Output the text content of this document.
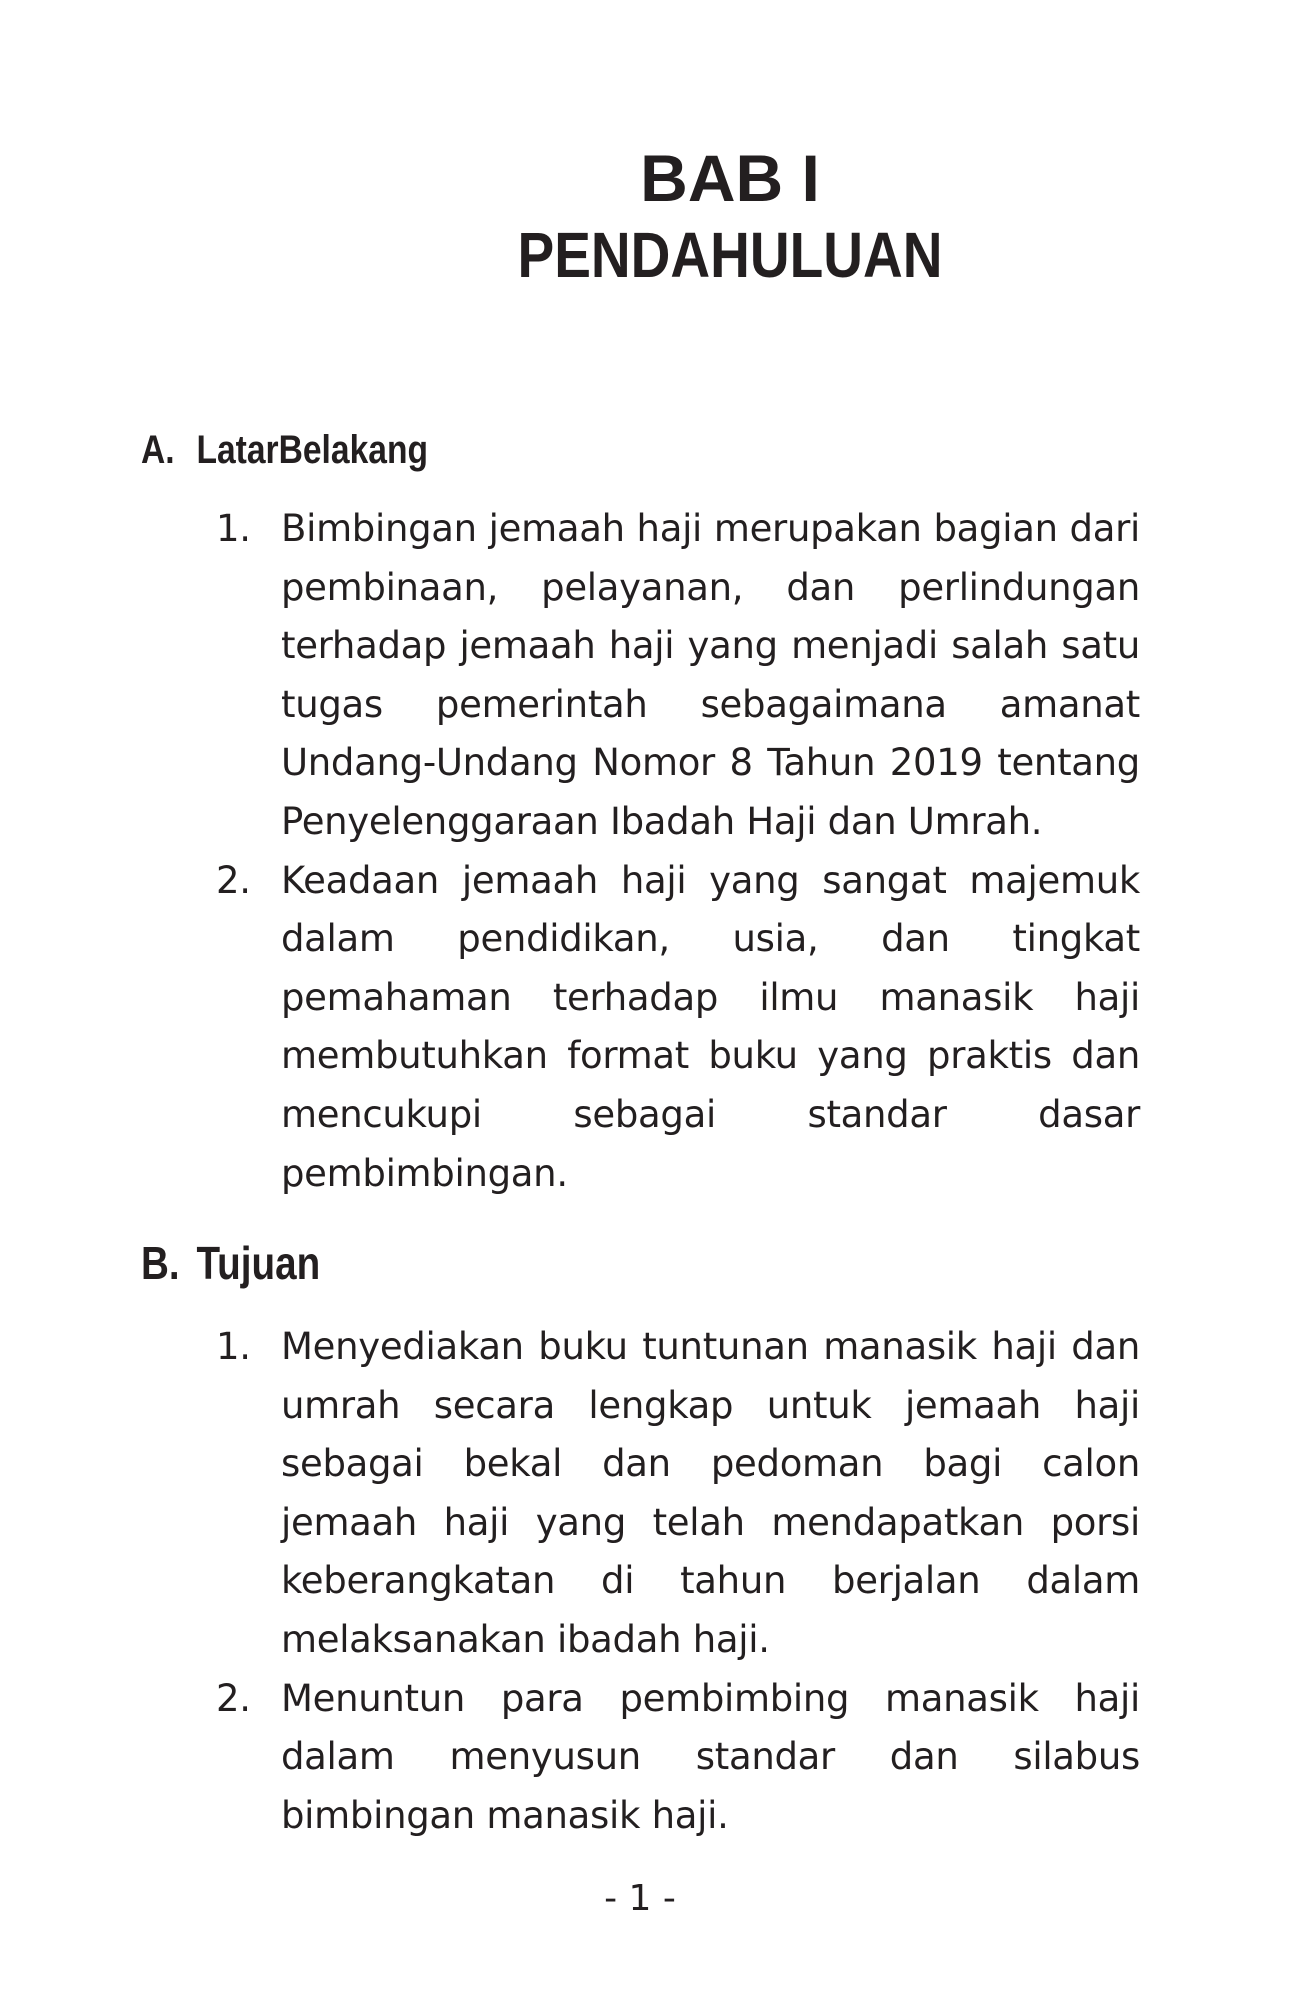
BAB I
PENDAHULUAN
A. LatarBelakang
1. Bimbingan jemaah haji merupakan bagian dari pembinaan, pelayanan, dan perlindungan terhadap jemaah haji yang menjadi salah satu tugas pemerintah sebagaimana amanat Undang-Undang Nomor 8 Tahun 2019 tentang Penyelenggaraan Ibadah Haji dan Umrah.
2. Keadaan jemaah haji yang sangat majemuk dalam pendidikan, usia, dan tingkat pemahaman terhadap ilmu manasik haji membutuhkan format buku yang praktis dan mencukupi sebagai standar dasar pembimbingan.
B. Tujuan
1. Menyediakan buku tuntunan manasik haji dan umrah secara lengkap untuk jemaah haji sebagai bekal dan pedoman bagi calon jemaah haji yang telah mendapatkan porsi keberangkatan di tahun berjalan dalam melaksanakan ibadah haji.
2. Menuntun para pembimbing manasik haji dalam menyusun standar dan silabus bimbingan manasik haji.

- 1 -
